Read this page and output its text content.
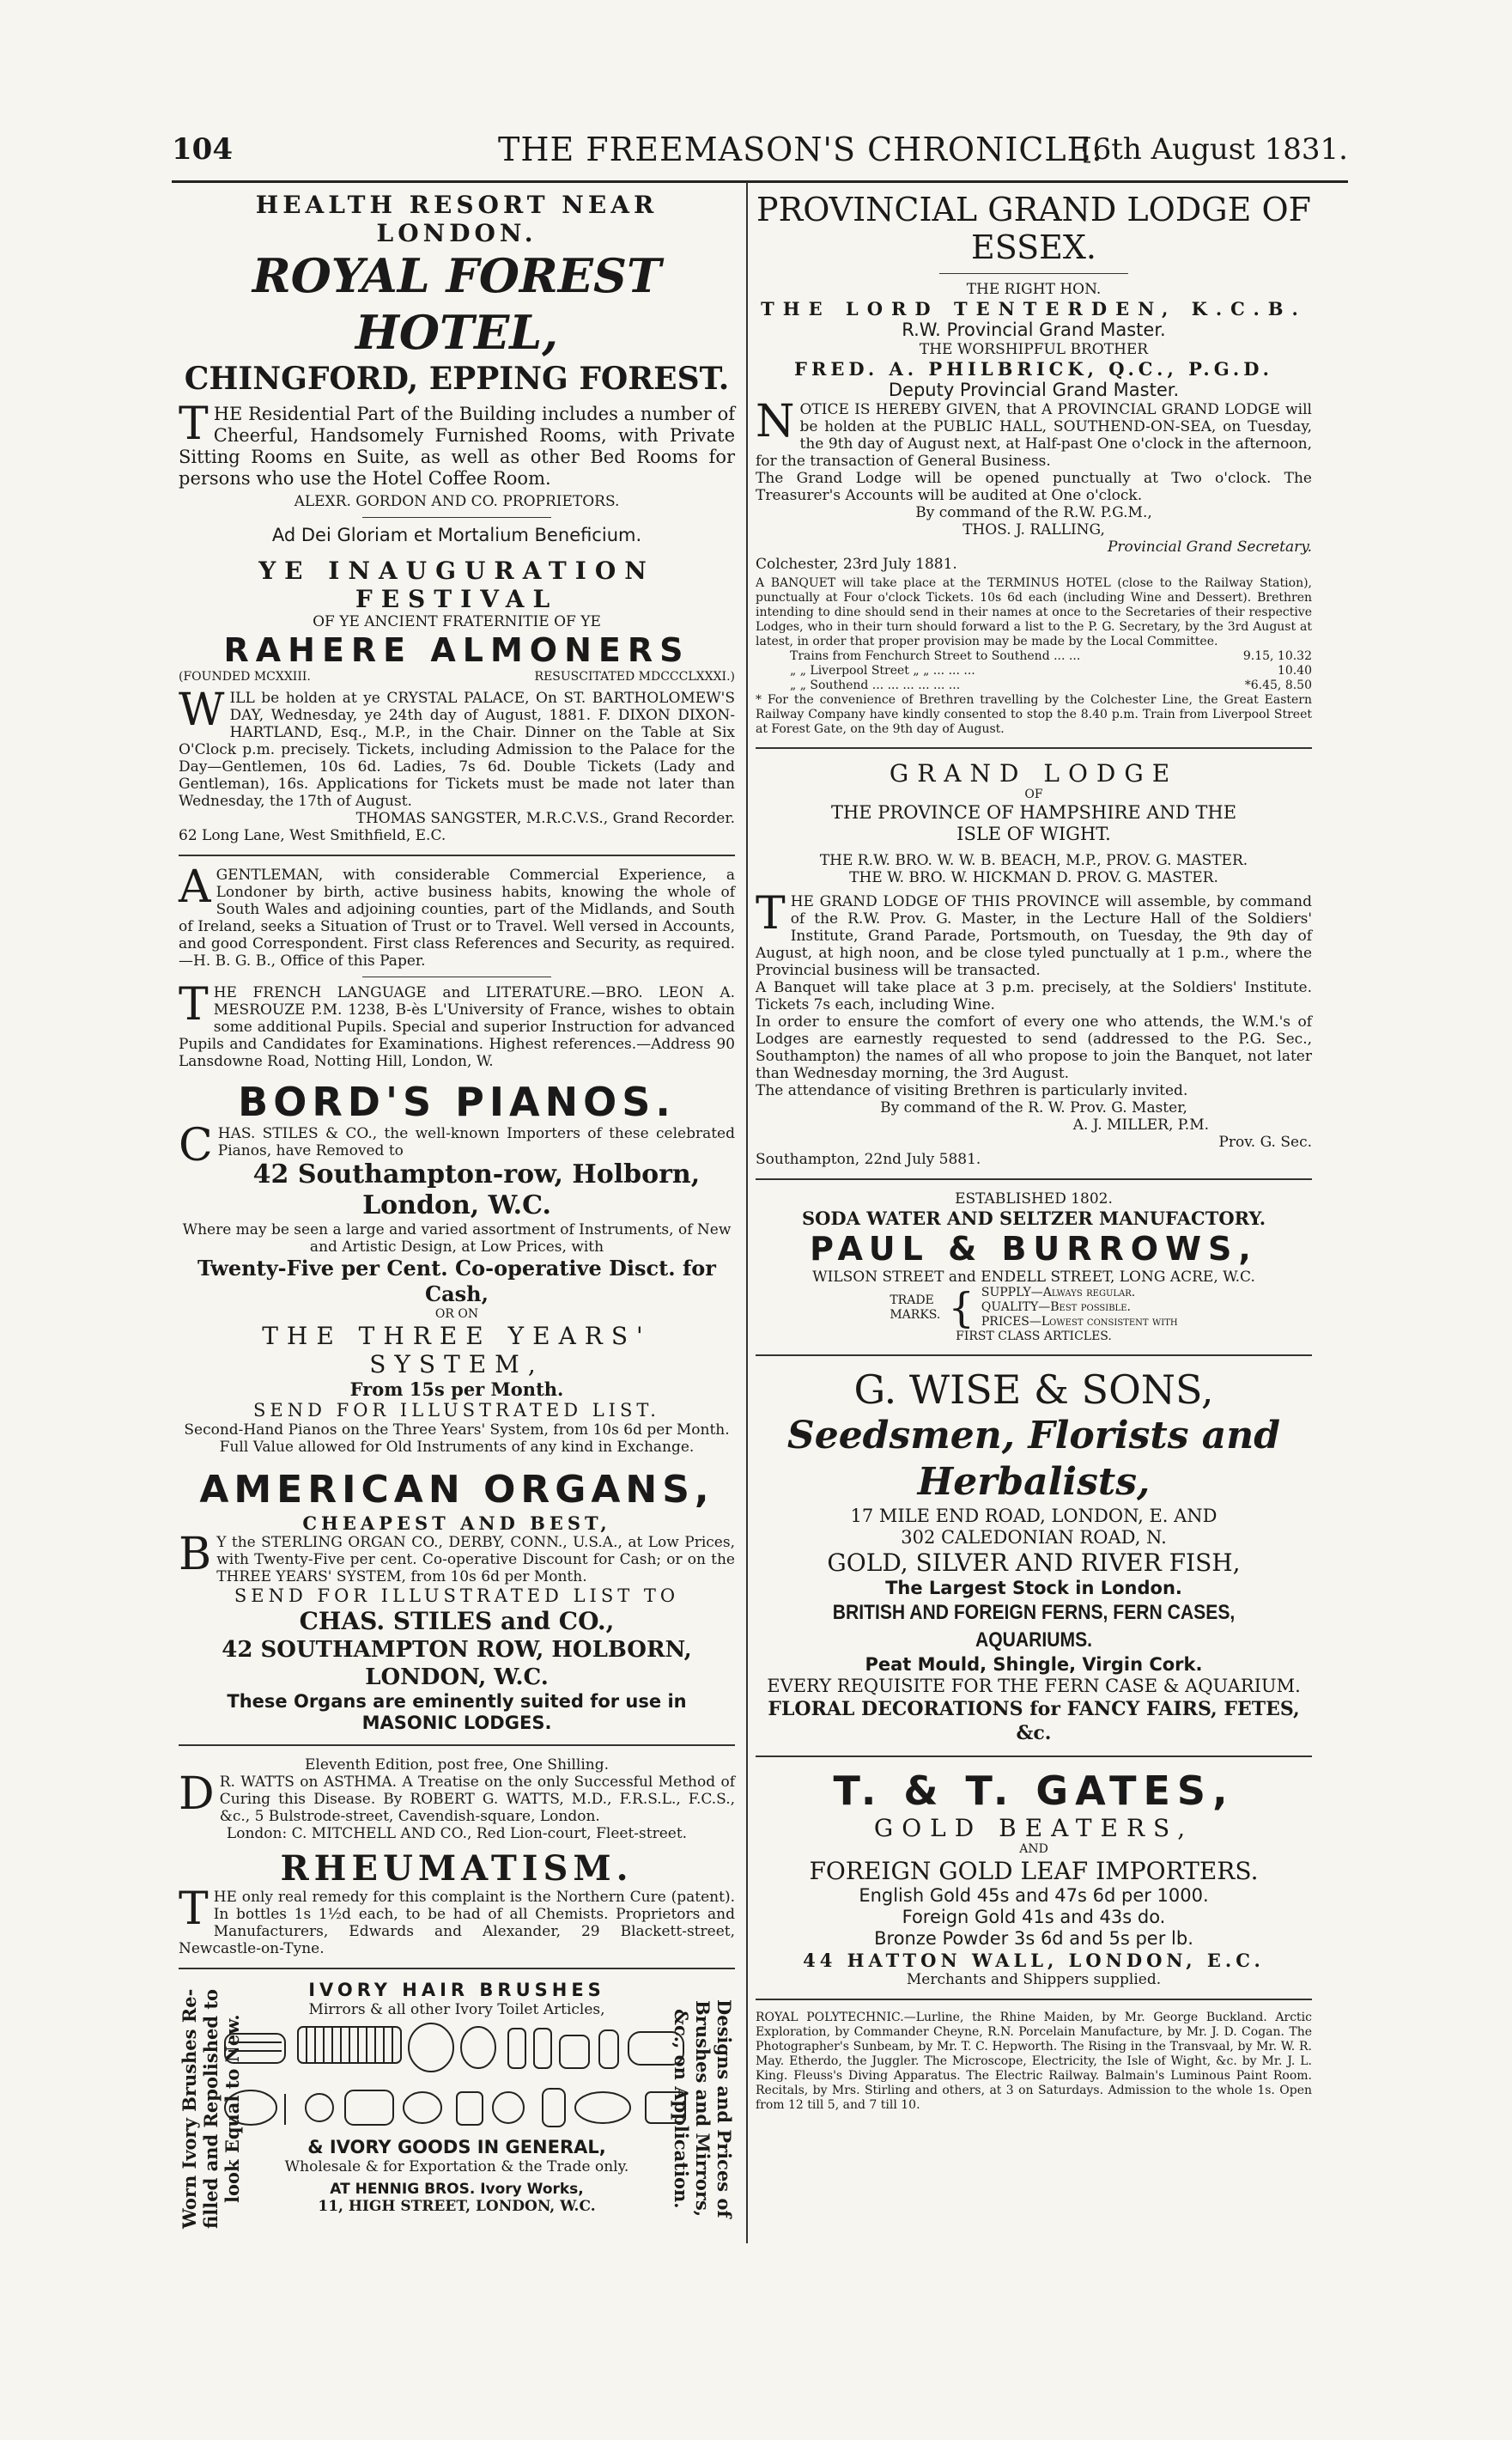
104	THE FREEMASON'S CHRONICLE.
[6th August 1831.
HEALTH RESORT NEAR LONDON.
ROYAL FOREST HOTEL,
CHINGFORD, EPPING FOREST.
THE Residential Part of the Building includes a number of Cheerful, Handsomely Furnished Rooms, with Private Sitting Rooms en Suite, as well as other Bed Rooms for persons who use the Hotel Coffee Room.
ALEXR. GORDON AND CO. PROPRIETORS.
Ad Dei Gloriam et Mortalium Beneficium.
YE INAUGURATION FESTIVAL
OF YE ANCIENT FRATERNITIE OF YE
RAHERE ALMONERS
(FOUNDED MCXXIII.	RESUSCITATED MDCCCLXXXI.)
WILL be holden at ye CRYSTAL PALACE, On ST. BARTHOLOMEW'S DAY, Wednesday, ye 24th day of August, 1881. F. DIXON DIXON-HARTLAND, Esq., M.P., in the Chair. Dinner on the Table at Six O'Clock p.m. precisely. Tickets, including Admission to the Palace for the Day—Gentlemen, 10s 6d. Ladies, 7s 6d. Double Tickets (Lady and Gentleman), 16s. Applications for Tickets must be made not later than Wednesday, the 17th of August.
THOMAS SANGSTER, M.R.C.V.S., Grand Recorder.
62 Long Lane, West Smithfield, E.C.
AGENTLEMAN, with considerable Commercial Experience, a Londoner by birth, active business habits, knowing the whole of South Wales and adjoining counties, part of the Midlands, and South of Ireland, seeks a Situation of Trust or to Travel. Well versed in Accounts, and good Correspondent. First class References and Security, as required.—H. B. G. B., Office of this Paper.
THE FRENCH LANGUAGE and LITERATURE.—BRO. LEON A. MESROUZE P.M. 1238, B-ès L'University of France, wishes to obtain some additional Pupils. Special and superior Instruction for advanced Pupils and Candidates for Examinations. Highest references.—Address 90 Lansdowne Road, Notting Hill, London, W.
BORD'S PIANOS.
CHAS. STILES & CO., the well-known Importers of these celebrated Pianos, have Removed to
42 Southampton-row, Holborn, London, W.C.
Where may be seen a large and varied assortment of Instruments, of New and Artistic Design, at Low Prices, with
Twenty-Five per Cent. Co-operative Disct. for Cash,
OR ON
THE THREE YEARS' SYSTEM,
From 15s per Month.
SEND FOR ILLUSTRATED LIST.
Second-Hand Pianos on the Three Years' System, from 10s 6d per Month.
Full Value allowed for Old Instruments of any kind in Exchange.
AMERICAN ORGANS,
CHEAPEST AND BEST,
B Y the STERLING ORGAN CO., DERBY, CONN., U.S.A., at Low Prices, with Twenty-Five per cent. Co-operative Discount for Cash; or on the THREE YEARS' SYSTEM, from 10s 6d per Month.
SEND FOR ILLUSTRATED LIST TO
CHAS. STILES and CO.,
42 SOUTHAMPTON ROW, HOLBORN, LONDON, W.C.
These Organs are eminently suited for use in
MASONIC LODGES.
Eleventh Edition, post free, One Shilling.
D R. WATTS on ASTHMA. A Treatise on the only Successful Method of Curing this Disease. By ROBERT G. WATTS, M.D., F.R.S.L., F.C.S., &c., 5 Bulstrode-street, Cavendish-square, London.
London: C. MITCHELL AND CO., Red Lion-court, Fleet-street.
RHEUMATISM.
THE only real remedy for this complaint is the Northern Cure (patent). In bottles 1s 1½d each, to be had of all Chemists. Proprietors and Manufacturers, Edwards and Alexander, 29 Blackett-street, Newcastle-on-Tyne.
Worn Ivory Brushes Re-filled and Repolished to look Equal to New.	Designs and Prices of Brushes and Mirrors, &c., on Application.
IVORY HAIR BRUSHES
Mirrors & all other Ivory Toilet Articles,

& IVORY GOODS IN GENERAL,
Wholesale & for Exportation & the Trade only.
AT HENNIG BROS. Ivory Works,
11, HIGH STREET, LONDON, W.C.
PROVINCIAL GRAND LODGE OF ESSEX.
THE RIGHT HON.
THE LORD TENTERDEN, K.C.B.
R.W. Provincial Grand Master.
THE WORSHIPFUL BROTHER
FRED. A. PHILBRICK, Q.C., P.G.D.
Deputy Provincial Grand Master.
NOTICE IS HEREBY GIVEN, that A PROVINCIAL GRAND LODGE will be holden at the PUBLIC HALL, SOUTHEND-ON-SEA, on Tuesday, the 9th day of August next, at Half-past One o'clock in the afternoon, for the transaction of General Business.
The Grand Lodge will be opened punctually at Two o'clock. The Treasurer's Accounts will be audited at One o'clock.
By command of the R.W. P.G.M.,
THOS. J. RALLING,
Provincial Grand Secretary.
Colchester, 23rd July 1881.
A BANQUET will take place at the TERMINUS HOTEL (close to the Railway Station), punctually at Four o'clock Tickets. 10s 6d each (including Wine and Dessert). Brethren intending to dine should send in their names at once to the Secretaries of their respective Lodges, who in their turn should forward a list to the P. G. Secretary, by the 3rd August at latest, in order that proper provision may be made by the Local Committee.
Trains from Fenchurch Street to Southend ... ...	9.15, 10.32
„ „ Liverpool Street „ „ ... ... ...	10.40
„ „ Southend ... ... ... ... ... ...	*6.45, 8.50
* For the convenience of Brethren travelling by the Colchester Line, the Great Eastern Railway Company have kindly consented to stop the 8.40 p.m. Train from Liverpool Street at Forest Gate, on the 9th day of August.
GRAND LODGE
OF
THE PROVINCE OF HAMPSHIRE AND THE
ISLE OF WIGHT.
THE R.W. BRO. W. W. B. BEACH, M.P., PROV. G. MASTER.
THE W. BRO. W. HICKMAN D. PROV. G. MASTER.
THE GRAND LODGE OF THIS PROVINCE will assemble, by command of the R.W. Prov. G. Master, in the Lecture Hall of the Soldiers' Institute, Grand Parade, Portsmouth, on Tuesday, the 9th day of August, at high noon, and be close tyled punctually at 1 p.m., where the Provincial business will be transacted.
A Banquet will take place at 3 p.m. precisely, at the Soldiers' Institute. Tickets 7s each, including Wine.
In order to ensure the comfort of every one who attends, the W.M.'s of Lodges are earnestly requested to send (addressed to the P.G. Sec., Southampton) the names of all who propose to join the Banquet, not later than Wednesday morning, the 3rd August.
The attendance of visiting Brethren is particularly invited.
By command of the R. W. Prov. G. Master,
A. J. MILLER, P.M.
Prov. G. Sec.
Southampton, 22nd July 5881.
ESTABLISHED 1802.
SODA WATER AND SELTZER MANUFACTORY.
PAUL & BURROWS,
WILSON STREET and ENDELL STREET, LONG ACRE, W.C.
TRADE MARKS. { SUPPLY—Always regular.
QUALITY—Best possible.
PRICES—Lowest consistent with
FIRST CLASS ARTICLES.
G. WISE & SONS,
Seedsmen, Florists and Herbalists,
17 MILE END ROAD, LONDON, E. AND
302 CALEDONIAN ROAD, N.
GOLD, SILVER AND RIVER FISH,
The Largest Stock in London.
BRITISH AND FOREIGN FERNS, FERN CASES, AQUARIUMS.
Peat Mould, Shingle, Virgin Cork.
EVERY REQUISITE FOR THE FERN CASE & AQUARIUM.
FLORAL DECORATIONS for FANCY FAIRS, FETES, &c.
T. & T. GATES,
GOLD BEATERS,
AND
FOREIGN GOLD LEAF IMPORTERS.
English Gold 45s and 47s 6d per 1000.
Foreign Gold 41s and 43s do.
Bronze Powder 3s 6d and 5s per lb.
44 HATTON WALL, LONDON, E.C.
Merchants and Shippers supplied.
ROYAL POLYTECHNIC.—Lurline, the Rhine Maiden, by Mr. George Buckland. Arctic Exploration, by Commander Cheyne, R.N. Porcelain Manufacture, by Mr. J. D. Cogan. The Photographer's Sunbeam, by Mr. T. C. Hepworth. The Rising in the Transvaal, by Mr. W. R. May. Etherdo, the Juggler. The Microscope, Electricity, the Isle of Wight, &c. by Mr. J. L. King. Fleuss's Diving Apparatus. The Electric Railway. Balmain's Luminous Paint Room. Recitals, by Mrs. Stirling and others, at 3 on Saturdays. Admission to the whole 1s. Open from 12 till 5, and 7 till 10.
